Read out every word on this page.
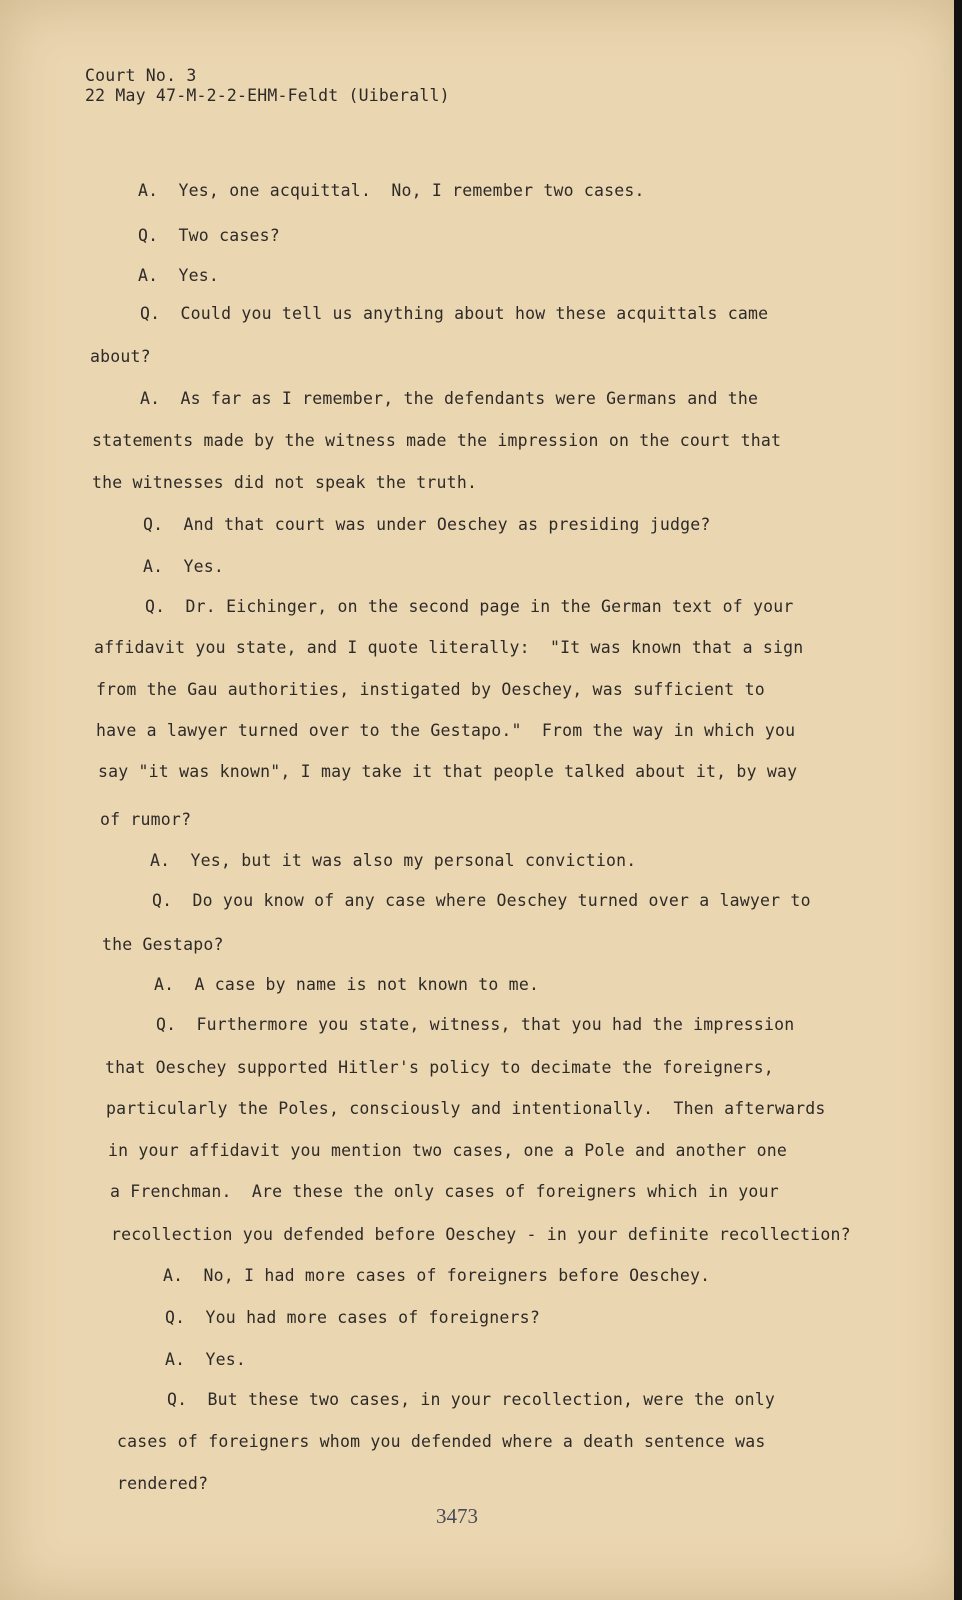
Court No. 3
22 May 47-M-2-2-EHM-Feldt (Uiberall)
A.  Yes, one acquittal.  No, I remember two cases.
Q.  Two cases?
A.  Yes.
Q.  Could you tell us anything about how these acquittals came
about?
A.  As far as I remember, the defendants were Germans and the
statements made by the witness made the impression on the court that
the witnesses did not speak the truth.
Q.  And that court was under Oeschey as presiding judge?
A.  Yes.
Q.  Dr. Eichinger, on the second page in the German text of your
affidavit you state, and I quote literally:  "It was known that a sign
from the Gau authorities, instigated by Oeschey, was sufficient to
have a lawyer turned over to the Gestapo."  From the way in which you
say "it was known", I may take it that people talked about it, by way
of rumor?
A.  Yes, but it was also my personal conviction.
Q.  Do you know of any case where Oeschey turned over a lawyer to
the Gestapo?
A.  A case by name is not known to me.
Q.  Furthermore you state, witness, that you had the impression
that Oeschey supported Hitler's policy to decimate the foreigners,
particularly the Poles, consciously and intentionally.  Then afterwards
in your affidavit you mention two cases, one a Pole and another one
a Frenchman.  Are these the only cases of foreigners which in your
recollection you defended before Oeschey - in your definite recollection?
A.  No, I had more cases of foreigners before Oeschey.
Q.  You had more cases of foreigners?
A.  Yes.
Q.  But these two cases, in your recollection, were the only
cases of foreigners whom you defended where a death sentence was
rendered?
3473
